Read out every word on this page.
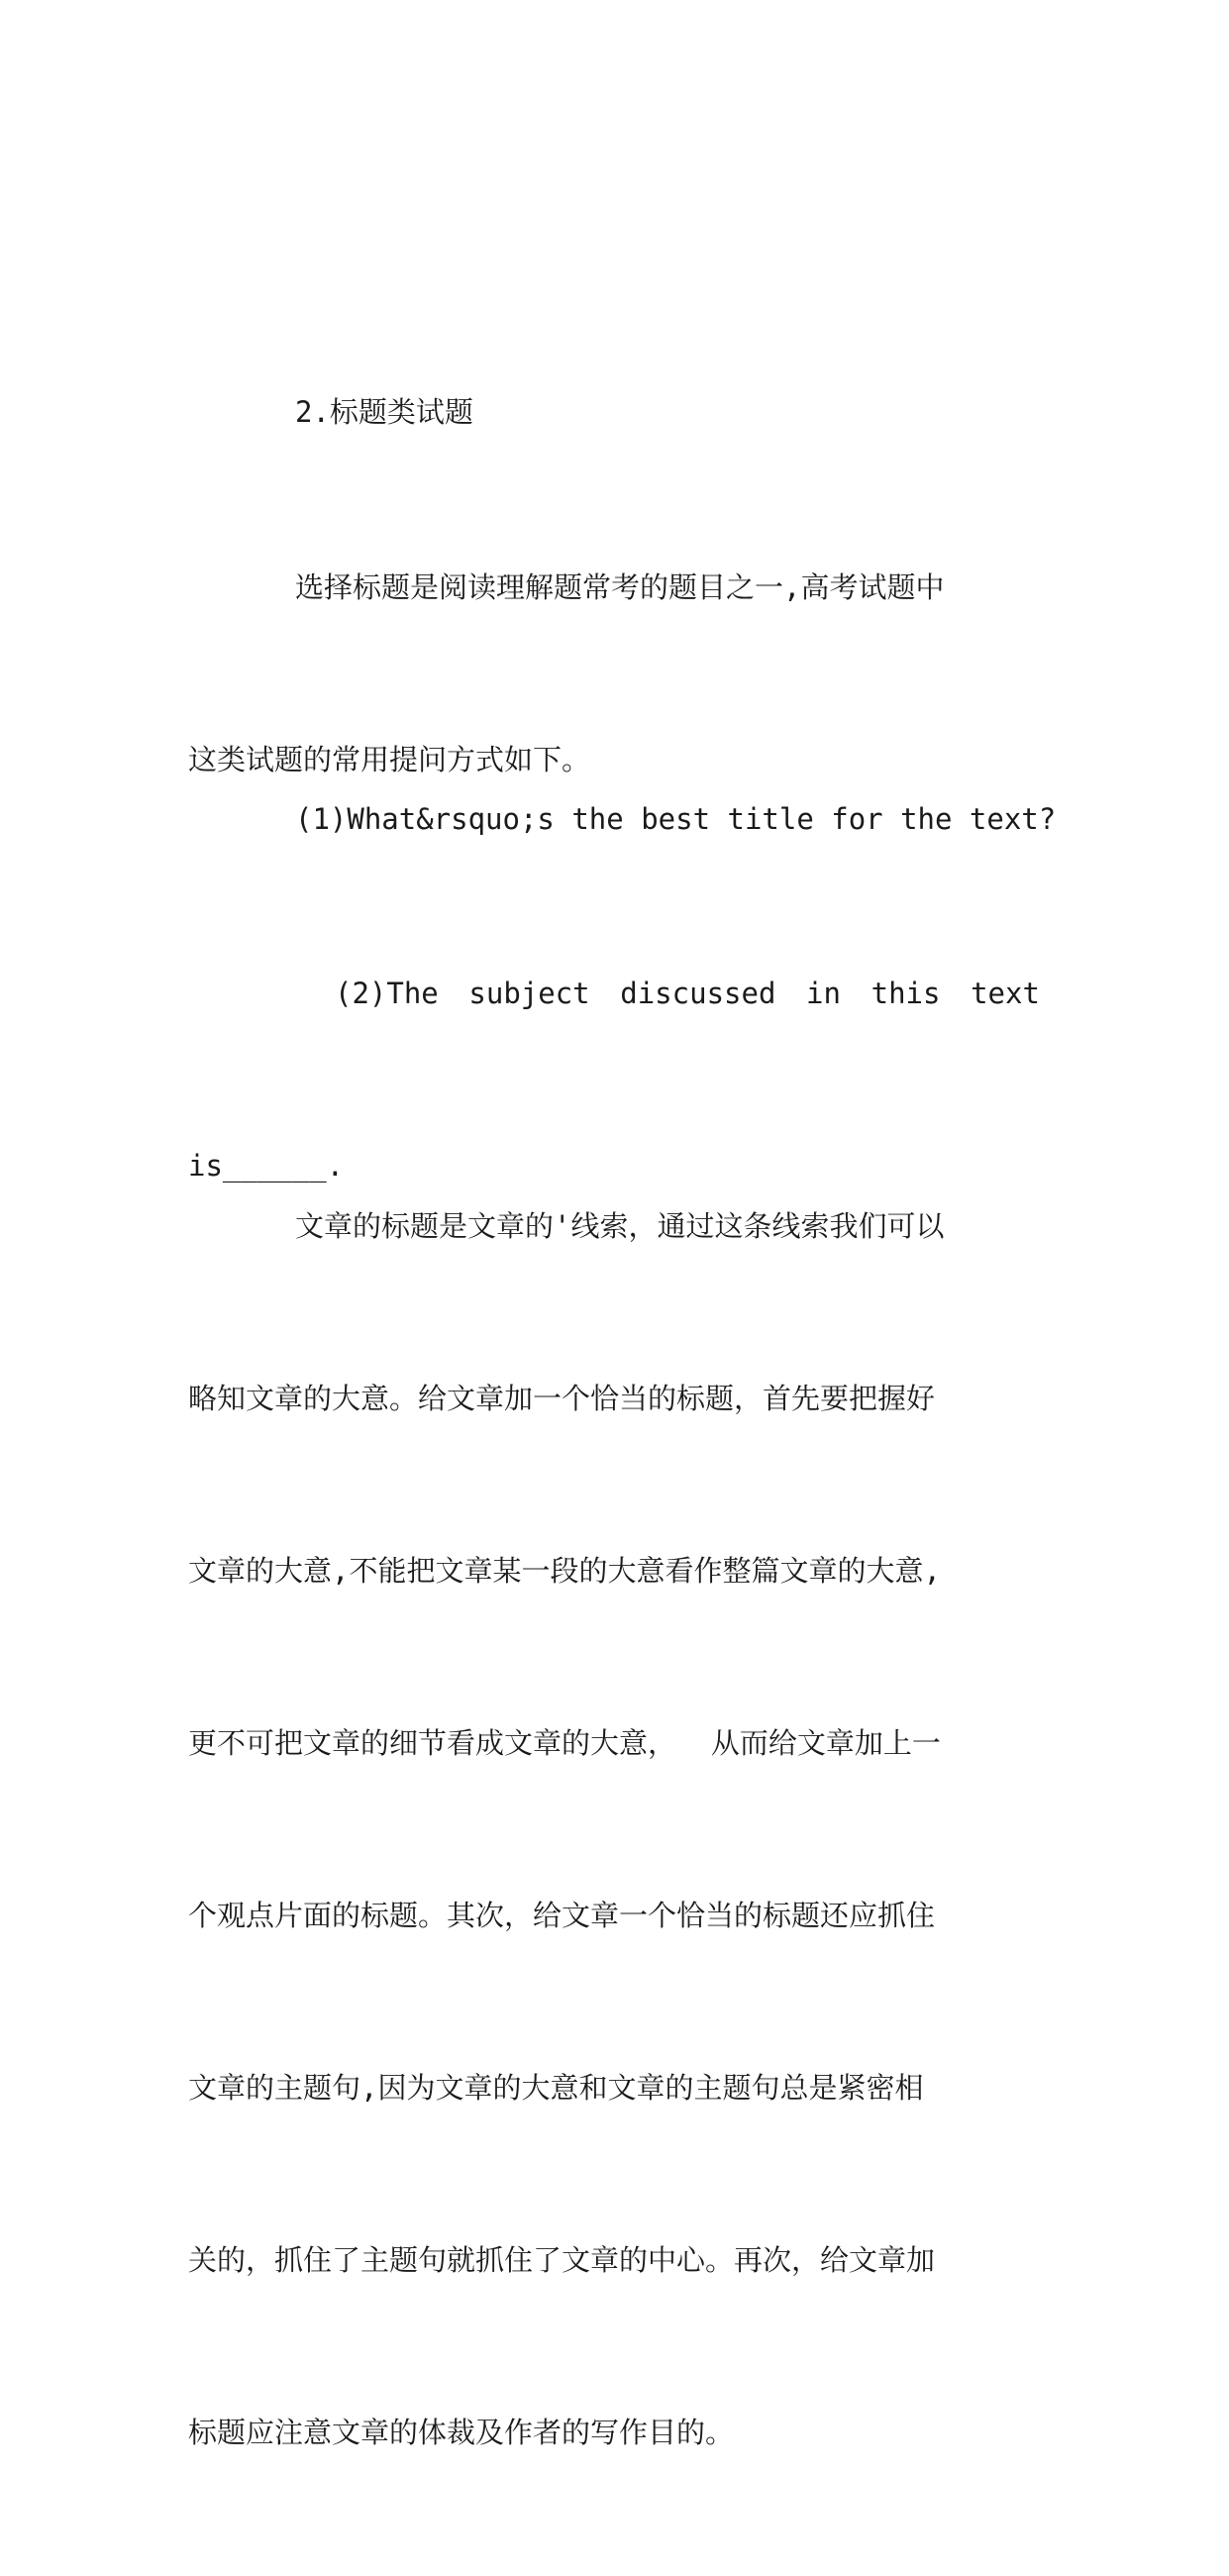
2.标题类试题

选择标题是阅读理解题常考的题目之一,高考试题中

这类试题的常用提问方式如下。

(1)What&rsquo;s the best title for the text?

(2)The subject discussed in this text

is______.

文章的标题是文章的'线索，通过这条线索我们可以

略知文章的大意。给文章加一个恰当的标题，首先要把握好

文章的大意,不能把文章某一段的大意看作整篇文章的大意,

更不可把文章的细节看成文章的大意，  从而给文章加上一

个观点片面的标题。其次，给文章一个恰当的标题还应抓住

文章的主题句,因为文章的大意和文章的主题句总是紧密相

关的，抓住了主题句就抓住了文章的中心。再次，给文章加

标题应注意文章的体裁及作者的写作目的。
